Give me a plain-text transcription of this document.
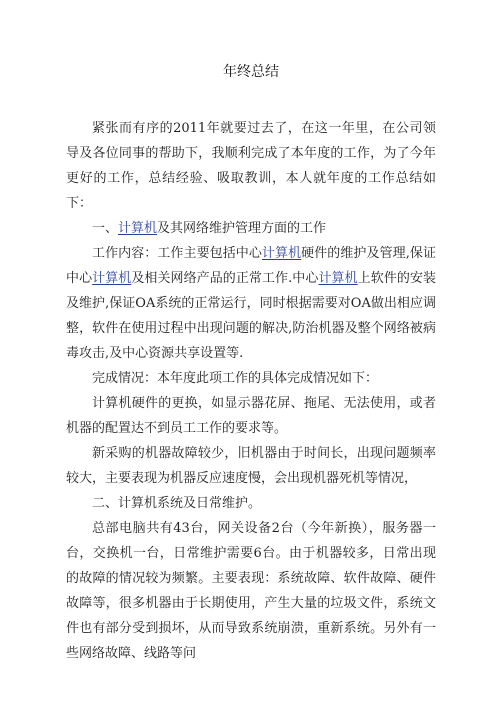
年终总结

紧张而有序的2011年就要过去了，在这一年里，在公司领导及各位同事的帮助下，我顺利完成了本年度的工作，为了今年更好的工作，总结经验、吸取教训，本人就年度的工作总结如下：

一、计算机及其网络维护管理方面的工作

工作内容：工作主要包括中心计算机硬件的维护及管理,保证中心计算机及相关网络产品的正常工作.中心计算机上软件的安装及维护,保证OA系统的正常运行，同时根据需要对OA做出相应调整，软件在使用过程中出现问题的解决,防治机器及整个网络被病毒攻击,及中心资源共享设置等.

完成情况：本年度此项工作的具体完成情况如下：

计算机硬件的更换，如显示器花屏、拖尾、无法使用，或者机器的配置达不到员工工作的要求等。

新采购的机器故障较少，旧机器由于时间长，出现问题频率较大，主要表现为机器反应速度慢，会出现机器死机等情况，

二、计算机系统及日常维护。

总部电脑共有43台，网关设备2台（今年新换），服务器一台，交换机一台，日常维护需要6台。由于机器较多，日常出现的故障的情况较为频繁。主要表现：系统故障、软件故障、硬件故障等，很多机器由于长期使用，产生大量的垃圾文件，系统文件也有部分受到损坏，从而导致系统崩溃，重新系统。另外有一些网络故障、线路等问
